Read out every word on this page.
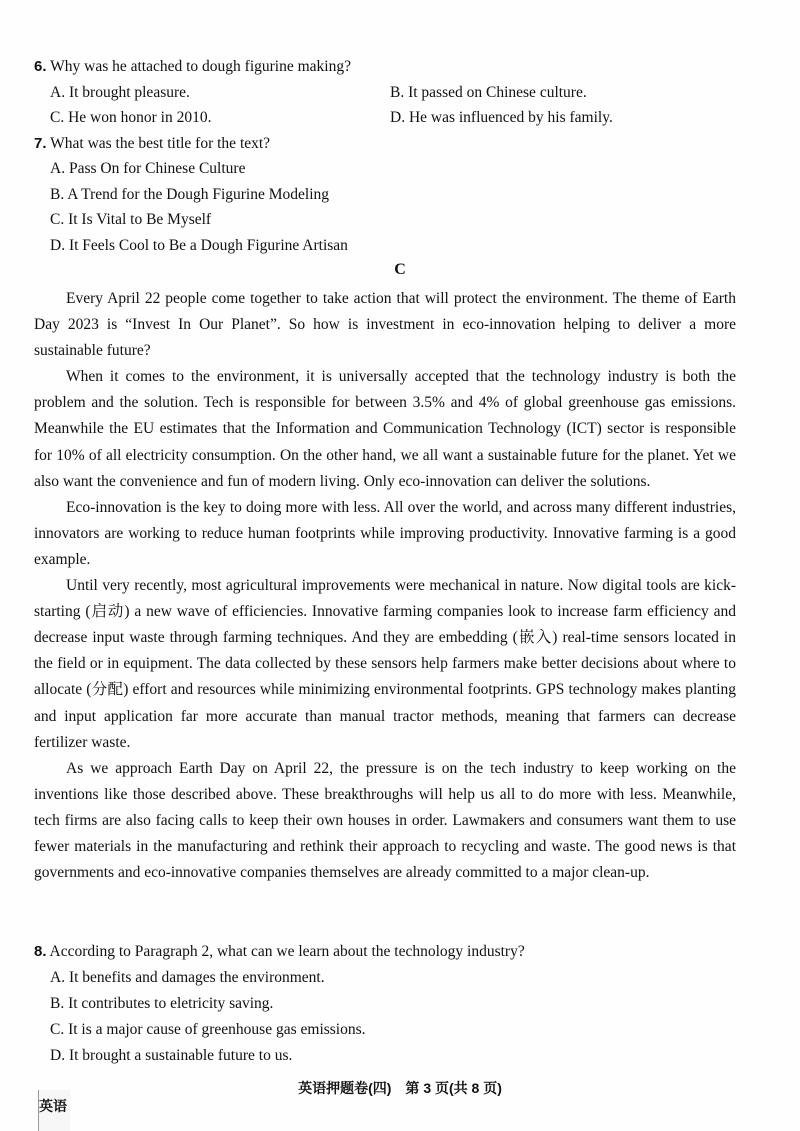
6. Why was he attached to dough figurine making?
A. It brought pleasure.	B. It passed on Chinese culture.
C. He won honor in 2010.	D. He was influenced by his family.
7. What was the best title for the text?
A. Pass On for Chinese Culture
B. A Trend for the Dough Figurine Modeling
C. It Is Vital to Be Myself
D. It Feels Cool to Be a Dough Figurine Artisan
C

Every April 22 people come together to take action that will protect the environment. The theme of Earth Day 2023 is “Invest In Our Planet”. So how is investment in eco-innovation helping to deliver a more sustainable future?

When it comes to the environment, it is universally accepted that the technology industry is both the problem and the solution. Tech is responsible for between 3.5% and 4% of global greenhouse gas emissions. Meanwhile the EU estimates that the Information and Communication Technology (ICT) sector is responsible for 10% of all electricity consumption. On the other hand, we all want a sustainable future for the planet. Yet we also want the convenience and fun of modern living. Only eco-innovation can deliver the solutions.

Eco-innovation is the key to doing more with less. All over the world, and across many different industries, innovators are working to reduce human footprints while improving productivity. Innovative farming is a good example.

Until very recently, most agricultural improvements were mechanical in nature. Now digital tools are kick-starting (启动) a new wave of efficiencies. Innovative farming companies look to increase farm efficiency and decrease input waste through farming techniques. And they are embedding (嵌入) real-time sensors located in the field or in equipment. The data collected by these sensors help farmers make better decisions about where to allocate (分配) effort and resources while minimizing environmental footprints. GPS technology makes planting and input application far more accurate than manual tractor methods, meaning that farmers can decrease fertilizer waste.

As we approach Earth Day on April 22, the pressure is on the tech industry to keep working on the inventions like those described above. These breakthroughs will help us all to do more with less. Meanwhile, tech firms are also facing calls to keep their own houses in order. Lawmakers and consumers want them to use fewer materials in the manufacturing and rethink their approach to recycling and waste. The good news is that governments and eco-innovative companies themselves are already committed to a major clean-up.

8. According to Paragraph 2, what can we learn about the technology industry?
A. It benefits and damages the environment.
B. It contributes to eletricity saving.
C. It is a major cause of greenhouse gas emissions.
D. It brought a sustainable future to us.
英语押题卷(四)　第 3 页(共 8 页)
英语
